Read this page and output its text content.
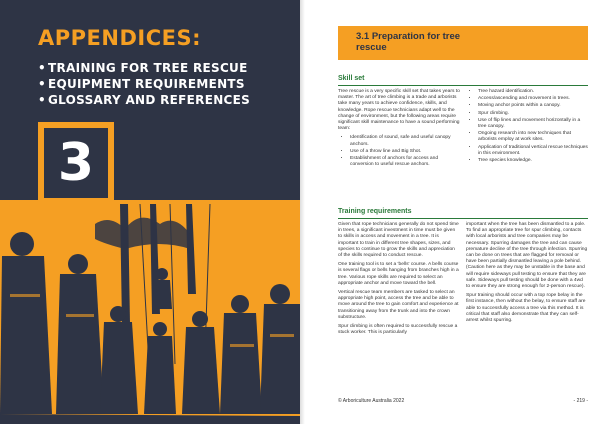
APPENDICES:
• TRAINING FOR TREE RESCUE
• EQUIPMENT REQUIREMENTS
• GLOSSARY AND REFERENCES
3
3.1 Preparation for tree rescue
Skill set

Tree rescue is a very specific skill set that takes years to master. The art of tree climbing is a trade and arborists take many years to achieve confidence, skills, and knowledge. Rope rescue technicians adapt well to the change of environment, but the following areas require significant skill maintenance to have a sound performing team:

• Identification of sound, safe and useful canopy anchors.
• Use of a throw line and Big Shot.
• Establishment of anchors for access and conversion to useful rescue anchors.
• Tree hazard identification.
• Access/ascending and movement in trees.
• Moving anchor points within a canopy.
• Spur climbing.
• Use of flip lines and movement horizontally in a tree canopy.
• Ongoing research into new techniques that arborists employ at work sites.
• Application of traditional vertical rescue techniques in this environment.
• Tree species knowledge.
Training requirements

Given that rope technicians generally do not spend time in trees, a significant investment in time must be given to skills in access and movement in a tree. It is important to train in different tree shapes, sizes, and species to continue to grow the skills and appreciation of the skills required to conduct rescue.

One training tool is to set a 'bells' course. A bells course is several flags or bells hanging from branches high in a tree. Various rope skills are required to select an appropriate anchor and move toward the bell.

Vertical rescue team members are tasked to select an appropriate high point, access the tree and be able to move around the tree to gain comfort and experience at transitioning away from the trunk and into the crown substructure.

Spur climbing is often required to successfully rescue a stuck worker. This is particularly

important when the tree has been dismantled to a pole. To find an appropriate tree for spur climbing, contacts with local arborists and tree companies may be necessary. Spurring damages the tree and can cause premature decline of the tree through infection. Spurring can be done on trees that are flagged for removal or have been partially dismantled leaving a pole behind. (Caution here as they may be unstable in the base and will require sideways pull testing to ensure that they are safe. Sideways pull testing should be done with a 4wd to ensure they are strong enough for 2-person rescue).

Spur training should occur with a top rope belay in the first instance, then without the belay, to ensure staff are able to successfully access a tree via this method. It is critical that staff also demonstrate that they can self-arrest whilst spurring.

© Arboriculture Australia 2022	- 219 -
